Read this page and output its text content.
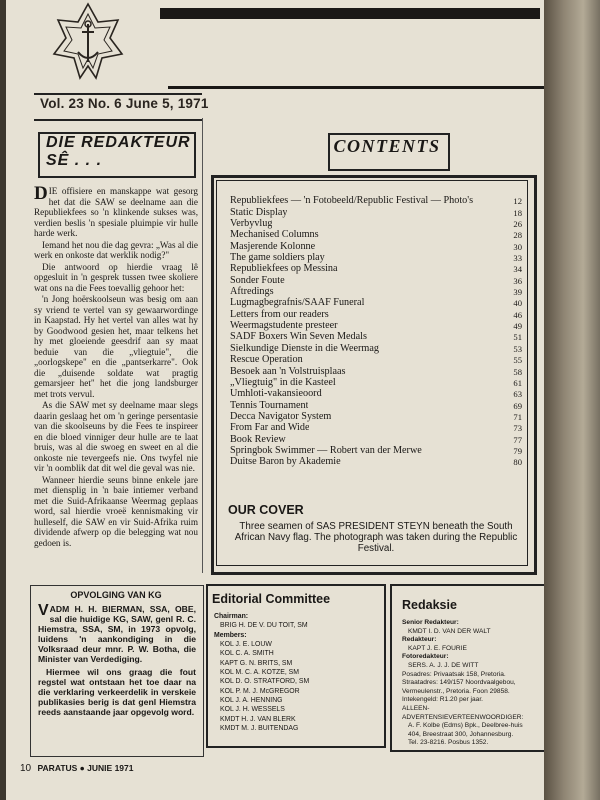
Vol. 23 No. 6 June 5, 1971
DIE REDAKTEUR
SÊ . . .

DIE offisiere en manskappe wat gesorg het dat die SAW se deelname aan die Republiekfees so 'n klinkende sukses was, verdien beslis 'n spesiale pluimpie vir hulle harde werk.

Iemand het nou die dag gevra: „Was al die werk en onkoste dat werklik nodig?"

Die antwoord op hierdie vraag lê opgesluit in 'n gesprek tussen twee skoliere wat ons na die Fees toevallig gehoor het:

'n Jong hoërskoolseun was besig om aan sy vriend te vertel van sy gewaarwordinge in Kaapstad. Hy het vertel van alles wat hy by Goodwood gesien het, maar telkens het hy met gloeiende geesdrif aan sy maat beduie van die „vliegtuie", die „oorlogskepe" en die „pantserkarre". Ook die „duisende soldate wat pragtig gemarsjeer het" het die jong landsburger met trots vervul.

As die SAW met sy deelname maar slegs daarin geslaag het om 'n geringe persentasie van die skoolseuns by die Fees te inspireer en die bloed vinniger deur hulle are te laat bruis, was al die swoeg en sweet en al die onkoste nie tevergeefs nie. Ons twyfel nie vir 'n oomblik dat dit wel die geval was nie.

Wanneer hierdie seuns binne enkele jare met diensplig in 'n baie intiemer verband met die Suid-Afrikaanse Weermag geplaas word, sal hierdie vroeë kennismaking vir hulleself, die SAW en vir Suid-Afrika ruim dividende afwerp op die belegging wat nou gedoen is.

OPVOLGING VAN KG

VADM H. H. BIERMAN, SSA, OBE, sal die huidige KG, SAW, genl R. C. Hiemstra, SSA, SM, in 1973 opvolg, luidens 'n aankondiging in die Volksraad deur mnr. P. W. Botha, die Minister van Verdediging.

Hiermee wil ons graag die fout regstel wat ontstaan het toe daar na die verklaring verkeerdelik in verskeie publikasies berig is dat genl Hiemstra reeds aanstaande jaar opgevolg word.

CONTENTS
Republiekfees — 'n Fotobeeld/Republic Festival — Photo's	12
Static Display	18
Verbyvlug	26
Mechanised Columns	28
Masjerende Kolonne	30
The game soldiers play	33
Republiekfees op Messina	34
Sonder Foute	36
Aftredings	39
Lugmagbegrafnis/SAAF Funeral	40
Letters from our readers	46
Weermagstudente presteer	49
SADF Boxers Win Seven Medals	51
Sielkundige Dienste in die Weermag	53
Rescue Operation	55
Besoek aan 'n Volstruisplaas	58
„Vliegtuig" in die Kasteel	61
Umhloti-vakansieoord	63
Tennis Tournament	69
Decca Navigator System	71
From Far and Wide	73
Book Review	77
Springbok Swimmer — Robert van der Merwe	79
Duitse Baron by Akademie	80
OUR COVER
Three seamen of SAS PRESIDENT STEYN beneath the South African Navy flag. The photograph was taken during the Republic Festival.
Editorial Committee
Chairman:
BRIG H. DE V. DU TOIT, SM
Members:
KOL J. E. LOUW
KOL C. A. SMITH
KAPT G. N. BRITS, SM
KOL M. C. A. KOTZE, SM
KOL D. O. STRATFORD, SM
KOL P. M. J. McGREGOR
KOL J. A. HENNING
KOL J. H. WESSELS
KMDT H. J. VAN BLERK
KMDT M. J. BUITENDAG
Redaksie
Senior Redakteur:
KMDT I. D. VAN DER WALT
Redakteur:
KAPT J. E. FOURIE
Fotoredakteur:
SERS. A. J. J. DE WITT
Posadres: Privaatsak 158, Pretoria.
Straatadres: 149/157 Noordvaalgebou, Vermeulenstr., Pretoria. Foon 29858.
Intekengeld: R1.20 per jaar.
ALLEEN-ADVERTENSIEVERTEENWOORDIGER:
A. F. Kolbe (Edms) Bpk., Deelbree-huis
404, Breestraat 300, Johannesburg.
Tel. 23-8216. Posbus 1352.
10 PARATUS ● JUNIE 1971
